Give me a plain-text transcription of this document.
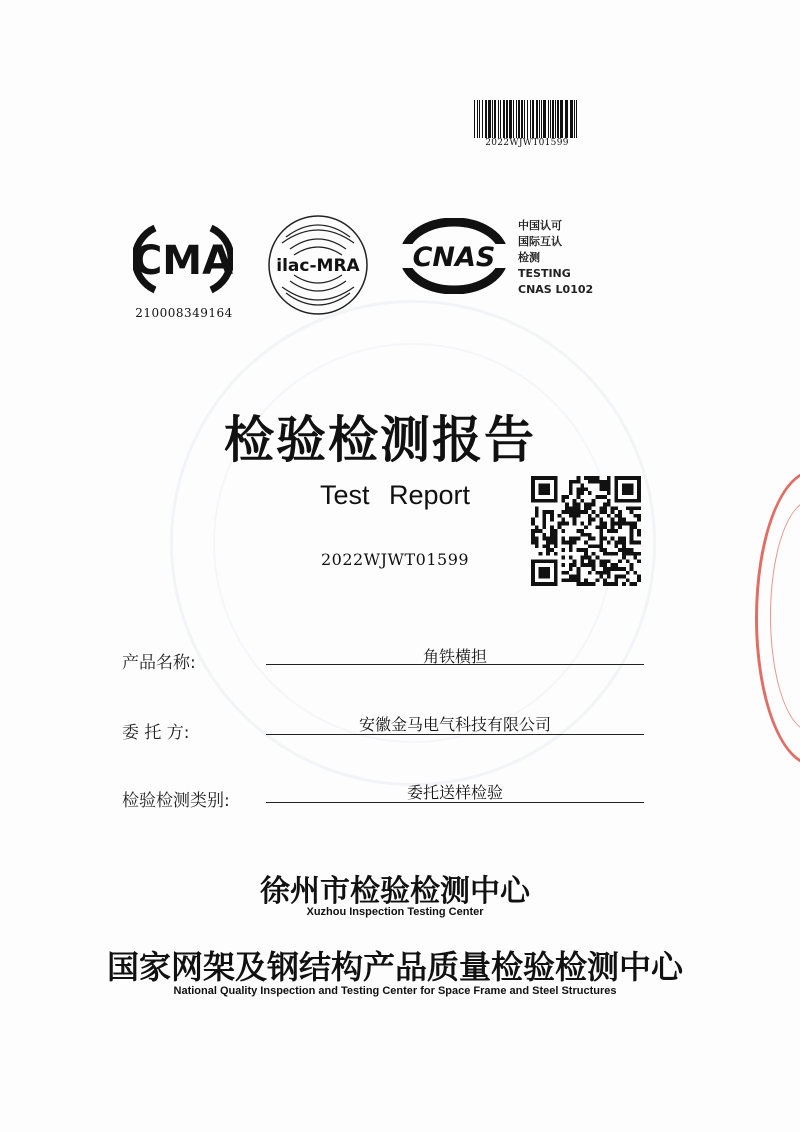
2022WJWT01599
CMA
210008349164
ilac-MRA CNAS
中国认可
国际互认
检测
TESTING
CNAS L0102
检验检测报告
Test Report
2022WJWT01599
产品名称:	角铁横担
委 托 方:	安徽金马电气科技有限公司
检验检测类别:	委托送样检验
徐州市检验检测中心
Xuzhou Inspection Testing Center
国家网架及钢结构产品质量检验检测中心
National Quality Inspection and Testing Center for Space Frame and Steel Structures
